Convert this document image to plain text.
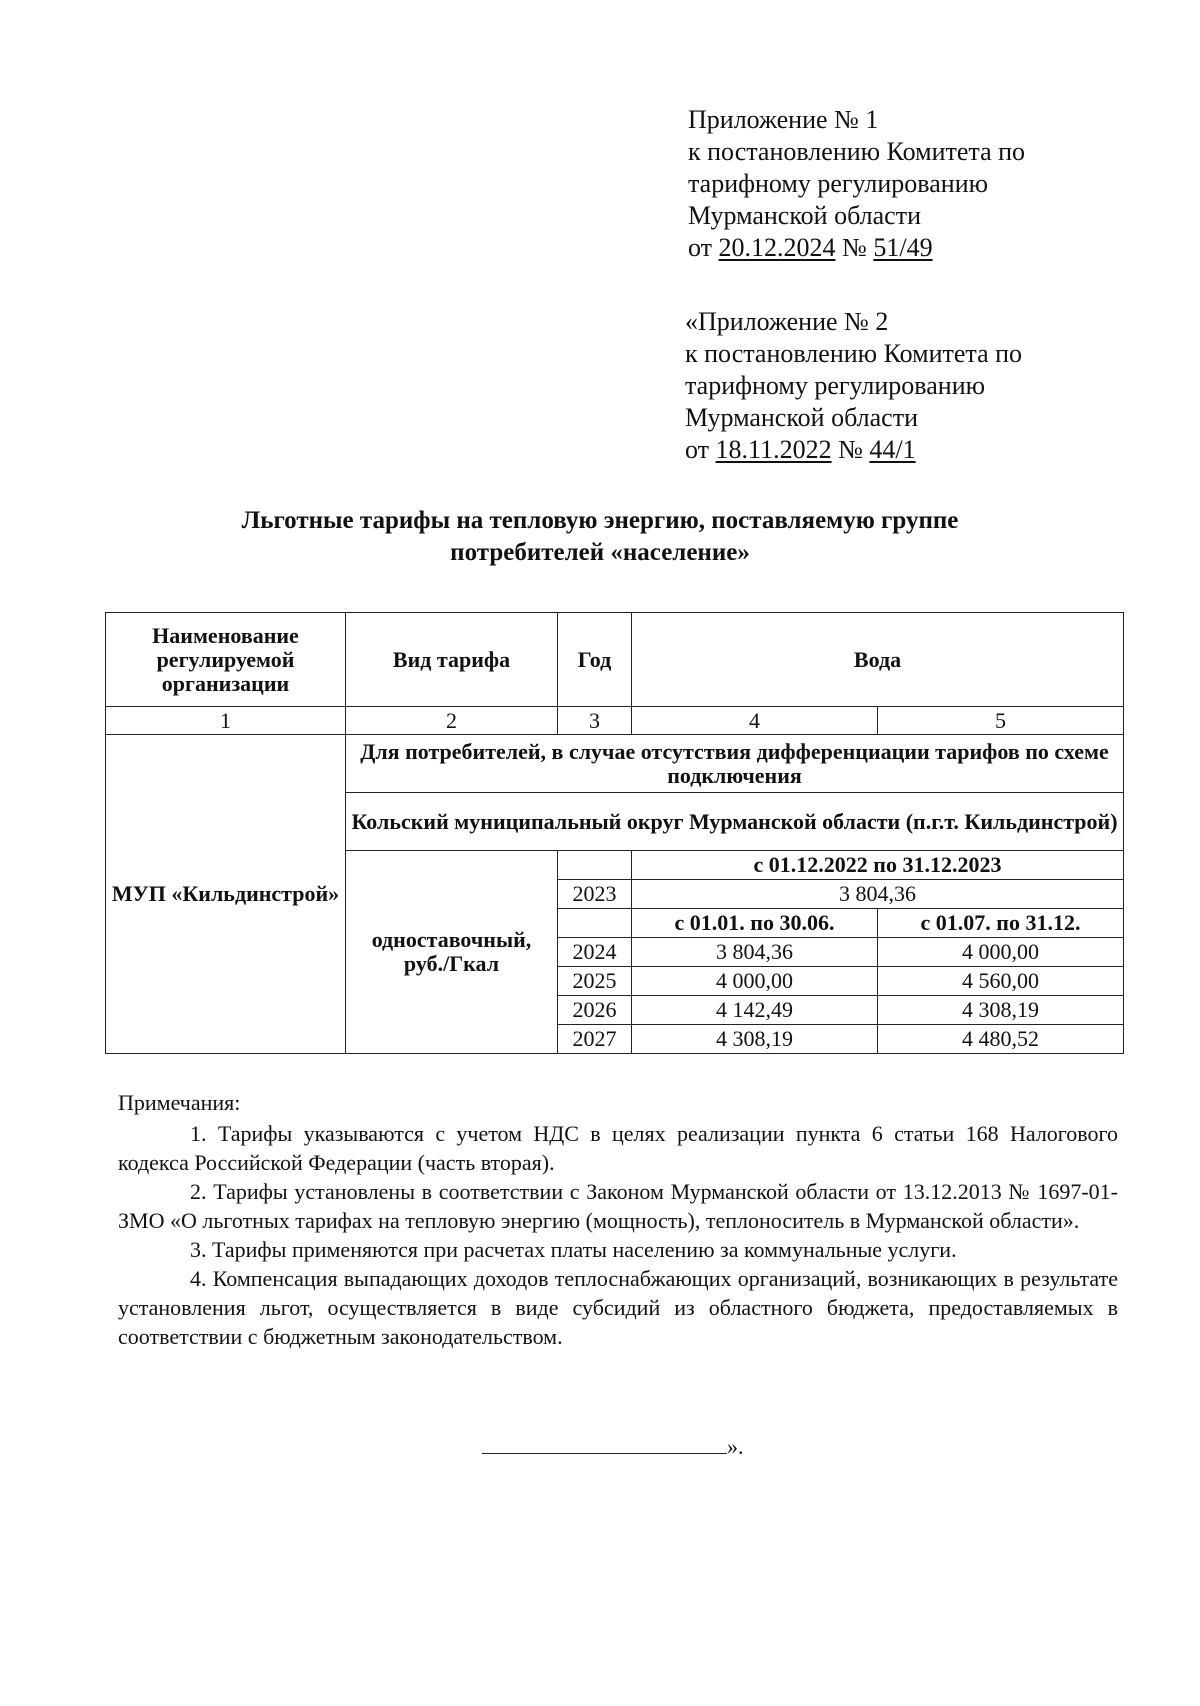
Приложение № 1
к постановлению Комитета по
тарифному регулированию
Мурманской области
от 20.12.2024 № 51/49
«Приложение № 2
к постановлению Комитета по
тарифному регулированию
Мурманской области
от 18.11.2022 № 44/1
Льготные тарифы на тепловую энергию, поставляемую группе
потребителей «население»
Наименование регулируемой организации	Вид тарифа	Год	Вода	
1	2	3	4	5
МУП «Кильдинстрой»	Для потребителей, в случае отсутствия дифференциации тарифов по схеме подключения			
	Кольский муниципальный округ Мурманской области (п.г.т. Кильдинстрой)			
	одноставочный, руб./Гкал		с 01.12.2022 по 31.12.2023	
		2023	3 804,36	
			с 01.01. по 30.06.	с 01.07. по 31.12.
		2024	3 804,36	4 000,00
		2025	4 000,00	4 560,00
		2026	4 142,49	4 308,19
		2027	4 308,19	4 480,52
Примечания:

1. Тарифы указываются с учетом НДС в целях реализации пункта 6 статьи 168 Налогового кодекса Российской Федерации (часть вторая).

2. Тарифы установлены в соответствии с Законом Мурманской области от 13.12.2013 № 1697-01-ЗМО «О льготных тарифах на тепловую энергию (мощность), теплоноситель в Мурманской области».

3. Тарифы применяются при расчетах платы населению за коммунальные услуги.

4. Компенсация выпадающих доходов теплоснабжающих организаций, возникающих в результате установления льгот, осуществляется в виде субсидий из областного бюджета, предоставляемых в соответствии с бюджетным законодательством.

».
